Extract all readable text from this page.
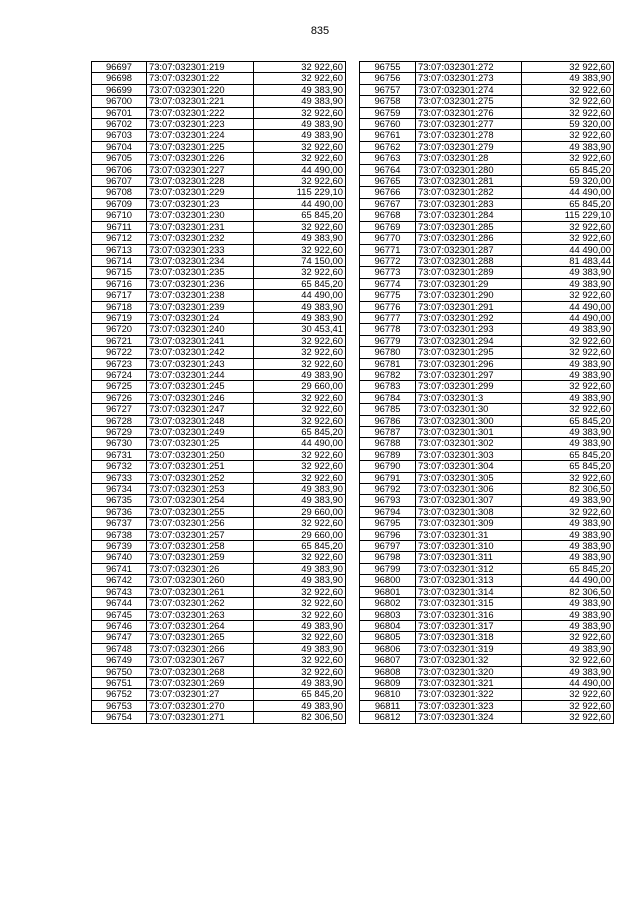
835
96697	73:07:032301:219	32 922,60
96698	73:07:032301:22	32 922,60
96699	73:07:032301:220	49 383,90
96700	73:07:032301:221	49 383,90
96701	73:07:032301:222	32 922,60
96702	73:07:032301:223	49 383,90
96703	73:07:032301:224	49 383,90
96704	73:07:032301:225	32 922,60
96705	73:07:032301:226	32 922,60
96706	73:07:032301:227	44 490,00
96707	73:07:032301:228	32 922,60
96708	73:07:032301:229	115 229,10
96709	73:07:032301:23	44 490,00
96710	73:07:032301:230	65 845,20
96711	73:07:032301:231	32 922,60
96712	73:07:032301:232	49 383,90
96713	73:07:032301:233	32 922,60
96714	73:07:032301:234	74 150,00
96715	73:07:032301:235	32 922,60
96716	73:07:032301:236	65 845,20
96717	73:07:032301:238	44 490,00
96718	73:07:032301:239	49 383,90
96719	73:07:032301:24	49 383,90
96720	73:07:032301:240	30 453,41
96721	73:07:032301:241	32 922,60
96722	73:07:032301:242	32 922,60
96723	73:07:032301:243	32 922,60
96724	73:07:032301:244	49 383,90
96725	73:07:032301:245	29 660,00
96726	73:07:032301:246	32 922,60
96727	73:07:032301:247	32 922,60
96728	73:07:032301:248	32 922,60
96729	73:07:032301:249	65 845,20
96730	73:07:032301:25	44 490,00
96731	73:07:032301:250	32 922,60
96732	73:07:032301:251	32 922,60
96733	73:07:032301:252	32 922,60
96734	73:07:032301:253	49 383,90
96735	73:07:032301:254	49 383,90
96736	73:07:032301:255	29 660,00
96737	73:07:032301:256	32 922,60
96738	73:07:032301:257	29 660,00
96739	73:07:032301:258	65 845,20
96740	73:07:032301:259	32 922,60
96741	73:07:032301:26	49 383,90
96742	73:07:032301:260	49 383,90
96743	73:07:032301:261	32 922,60
96744	73:07:032301:262	32 922,60
96745	73:07:032301:263	32 922,60
96746	73:07:032301:264	49 383,90
96747	73:07:032301:265	32 922,60
96748	73:07:032301:266	49 383,90
96749	73:07:032301:267	32 922,60
96750	73:07:032301:268	32 922,60
96751	73:07:032301:269	49 383,90
96752	73:07:032301:27	65 845,20
96753	73:07:032301:270	49 383,90
96754	73:07:032301:271	82 306,50
96755	73:07:032301:272	32 922,60
96756	73:07:032301:273	49 383,90
96757	73:07:032301:274	32 922,60
96758	73:07:032301:275	32 922,60
96759	73:07:032301:276	32 922,60
96760	73:07:032301:277	59 320,00
96761	73:07:032301:278	32 922,60
96762	73:07:032301:279	49 383,90
96763	73:07:032301:28	32 922,60
96764	73:07:032301:280	65 845,20
96765	73:07:032301:281	59 320,00
96766	73:07:032301:282	44 490,00
96767	73:07:032301:283	65 845,20
96768	73:07:032301:284	115 229,10
96769	73:07:032301:285	32 922,60
96770	73:07:032301:286	32 922,60
96771	73:07:032301:287	44 490,00
96772	73:07:032301:288	81 483,44
96773	73:07:032301:289	49 383,90
96774	73:07:032301:29	49 383,90
96775	73:07:032301:290	32 922,60
96776	73:07:032301:291	44 490,00
96777	73:07:032301:292	44 490,00
96778	73:07:032301:293	49 383,90
96779	73:07:032301:294	32 922,60
96780	73:07:032301:295	32 922,60
96781	73:07:032301:296	49 383,90
96782	73:07:032301:297	49 383,90
96783	73:07:032301:299	32 922,60
96784	73:07:032301:3	49 383,90
96785	73:07:032301:30	32 922,60
96786	73:07:032301:300	65 845,20
96787	73:07:032301:301	49 383,90
96788	73:07:032301:302	49 383,90
96789	73:07:032301:303	65 845,20
96790	73:07:032301:304	65 845,20
96791	73:07:032301:305	32 922,60
96792	73:07:032301:306	82 306,50
96793	73:07:032301:307	49 383,90
96794	73:07:032301:308	32 922,60
96795	73:07:032301:309	49 383,90
96796	73:07:032301:31	49 383,90
96797	73:07:032301:310	49 383,90
96798	73:07:032301:311	49 383,90
96799	73:07:032301:312	65 845,20
96800	73:07:032301:313	44 490,00
96801	73:07:032301:314	82 306,50
96802	73:07:032301:315	49 383,90
96803	73:07:032301:316	49 383,90
96804	73:07:032301:317	49 383,90
96805	73:07:032301:318	32 922,60
96806	73:07:032301:319	49 383,90
96807	73:07:032301:32	32 922,60
96808	73:07:032301:320	49 383,90
96809	73:07:032301:321	44 490,00
96810	73:07:032301:322	32 922,60
96811	73:07:032301:323	32 922,60
96812	73:07:032301:324	32 922,60
